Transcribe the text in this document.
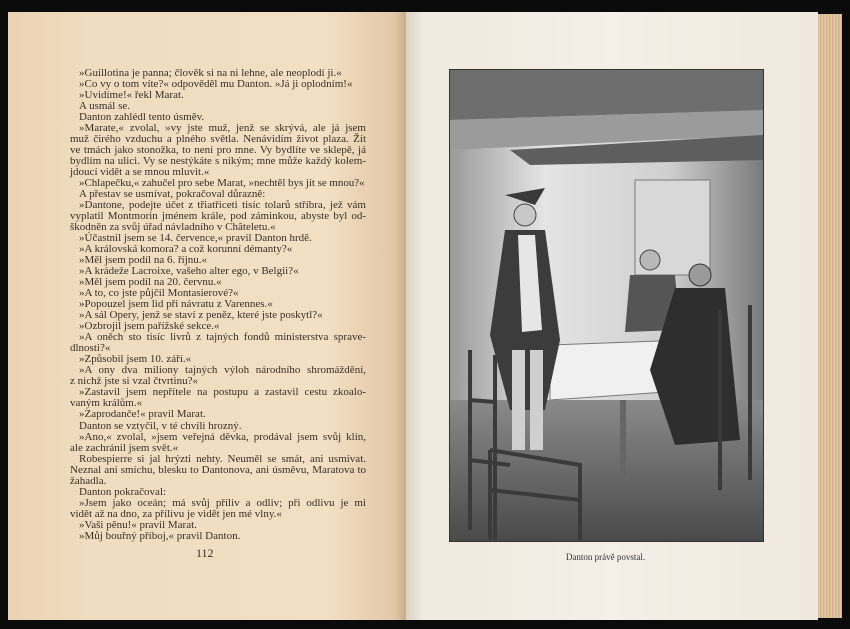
»Guillotina je panna; člověk si na ni lehne, ale neoplodí ji.«
»Co vy o tom víte?« odpověděl mu Danton. »Já ji oplodním!«
»Uvidíme!« řekl Marat.
A usmál se.
Danton zahlédl tento úsměv.
»Marate,« zvolal, »vy jste muž, jenž se skrývá, ale já jsem
muž čirého vzduchu a plného světla. Nenávidím život plaza. Žít
ve tmách jako stonožka, to není pro mne. Vy bydlíte ve sklepě, já
bydlím na ulici. Vy se nestýkáte s nikým; mne může každý kolem-
jdoucí vidět a se mnou mluvit.«
»Chlapečku,« zahučel pro sebe Marat, »nechtěl bys jít se mnou?«
A přestav se usmívat, pokračoval důrazně:
»Dantone, podejte účet z třiatřiceti tisíc tolarů stříbra, jež vám
vyplatil Montmorin jménem krále, pod záminkou, abyste byl od-
škodněn za svůj úřad návladního v Châteletu.«
»Účastnil jsem se 14. července,« pravil Danton hrdě.
»A královská komora? a což korunní démanty?«
»Měl jsem podíl na 6. říjnu.«
»A krádeže Lacroixe, vašeho alter ego, v Belgii?«
»Měl jsem podíl na 20. červnu.«
»A to, co jste půjčil Montasierové?«
»Popouzel jsem lid při návratu z Varennes.«
»A sál Opery, jenž se staví z peněz, které jste poskytl?«
»Ozbrojil jsem pařížské sekce.«
»A oněch sto tisíc livrů z tajných fondů ministerstva sprave-
dlnosti?«
»Způsobil jsem 10. září.«
»A ony dva miliony tajných výloh národního shromáždění,
z nichž jste si vzal čtvrtinu?«
»Zastavil jsem nepřítele na postupu a zastavil cestu zkoalo-
vaným králům.«
»Zaprodanče!« pravil Marat.
Danton se vztyčil, v té chvíli hrozný.
»Ano,« zvolal, »jsem veřejná děvka, prodával jsem svůj klín,
ale zachránil jsem svět.«
Robespierre si jal hrýzti nehty. Neuměl se smát, ani usmívat.
Neznal ani smíchu, blesku to Dantonova, ani úsměvu, Maratova to
žahadla.
Danton pokračoval:
»Jsem jako oceán; má svůj příliv a odliv; při odlivu je mi
vidět až na dno, za přílivu je vidět jen mé vlny.«
»Vaši pěnu!« pravil Marat.
»Můj bouřný příboj,« pravil Danton.
112	Danton právě povstal.
